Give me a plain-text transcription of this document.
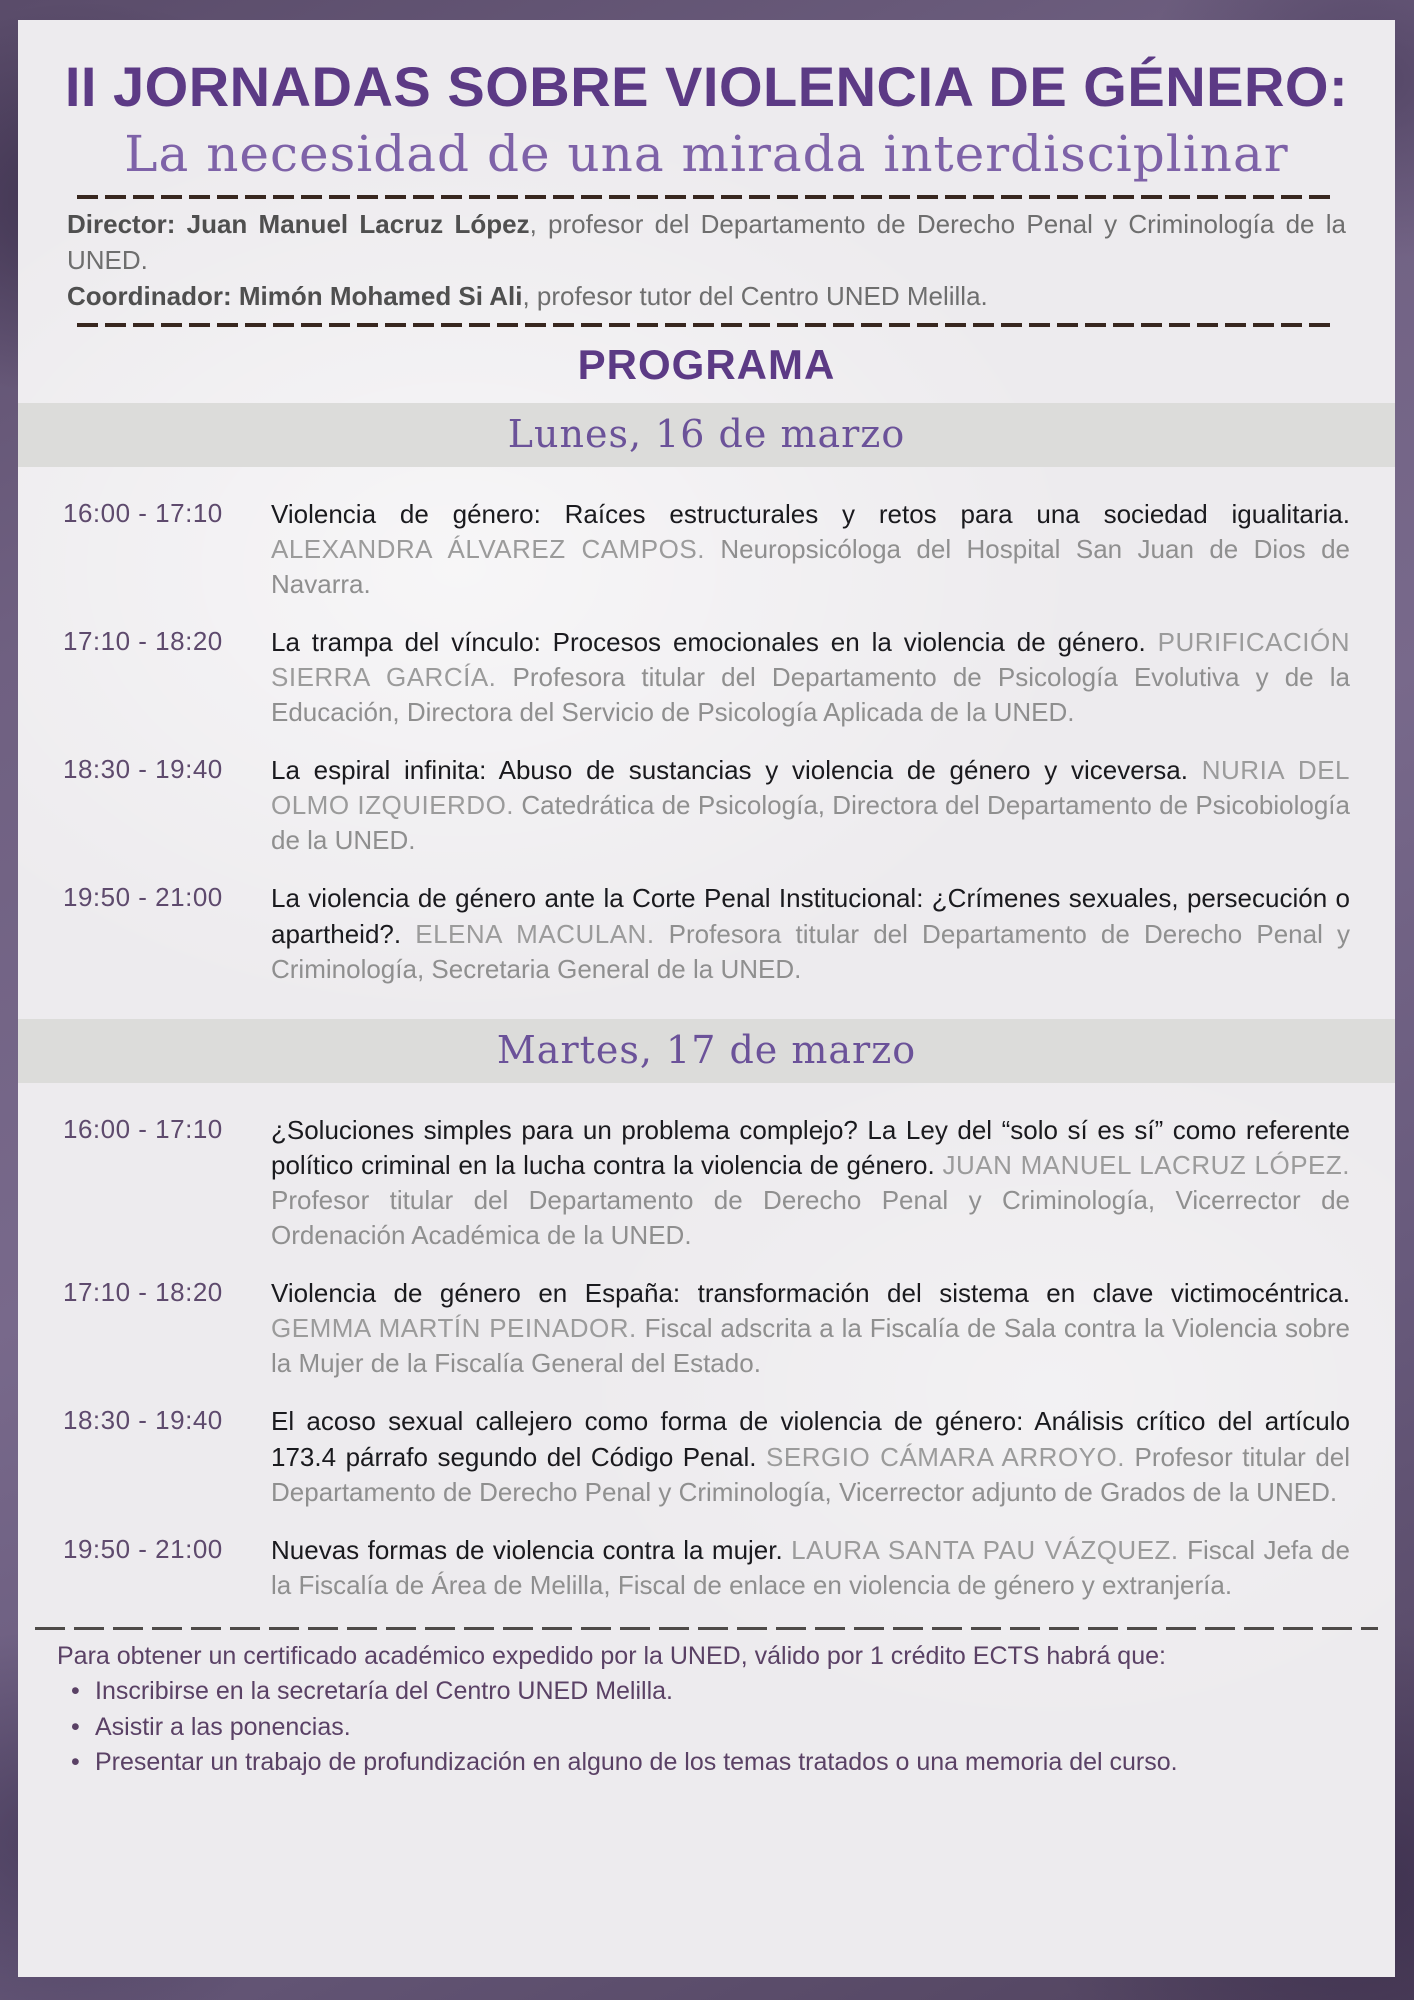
II JORNADAS SOBRE VIOLENCIA DE GÉNERO:
La necesidad de una mirada interdisciplinar

Director: Juan Manuel Lacruz López, profesor del Departamento de Derecho Penal y Criminología de la UNED.
Coordinador: Mimón Mohamed Si Ali, profesor tutor del Centro UNED Melilla.

PROGRAMA
Lunes, 16 de marzo
16:00 - 17:10	Violencia de género: Raíces estructurales y retos para una sociedad igualitaria. ALEXANDRA ÁLVAREZ CAMPOS. Neuropsicóloga del Hospital San Juan de Dios de Navarra.

17:10 - 18:20	La trampa del vínculo: Procesos emocionales en la violencia de género. PURIFICACIÓN SIERRA GARCÍA. Profesora titular del Departamento de Psicología Evolutiva y de la Educación, Directora del Servicio de Psicología Aplicada de la UNED.

18:30 - 19:40	La espiral infinita: Abuso de sustancias y violencia de género y viceversa. NURIA DEL OLMO IZQUIERDO. Catedrática de Psicología, Directora del Departamento de Psicobiología de la UNED.

19:50 - 21:00	La violencia de género ante la Corte Penal Institucional: ¿Crímenes sexuales, persecución o apartheid?. ELENA MACULAN. Profesora titular del Departamento de Derecho Penal y Criminología, Secretaria General de la UNED.

Martes, 17 de marzo
16:00 - 17:10	¿Soluciones simples para un problema complejo? La Ley del “solo sí es sí” como referente político criminal en la lucha contra la violencia de género. JUAN MANUEL LACRUZ LÓPEZ. Profesor titular del Departamento de Derecho Penal y Criminología, Vicerrector de Ordenación Académica de la UNED.

17:10 - 18:20	Violencia de género en España: transformación del sistema en clave victimocéntrica. GEMMA MARTÍN PEINADOR. Fiscal adscrita a la Fiscalía de Sala contra la Violencia sobre la Mujer de la Fiscalía General del Estado.

18:30 - 19:40	El acoso sexual callejero como forma de violencia de género: Análisis crítico del artículo 173.4 párrafo segundo del Código Penal. SERGIO CÁMARA ARROYO. Profesor titular del Departamento de Derecho Penal y Criminología, Vicerrector adjunto de Grados de la UNED.

19:50 - 21:00	Nuevas formas de violencia contra la mujer. LAURA SANTA PAU VÁZQUEZ. Fiscal Jefa de la Fiscalía de Área de Melilla, Fiscal de enlace en violencia de género y extranjería.

Para obtener un certificado académico expedido por la UNED, válido por 1 crédito ECTS habrá que:

• Inscribirse en la secretaría del Centro UNED Melilla.
• Asistir a las ponencias.
• Presentar un trabajo de profundización en alguno de los temas tratados o una memoria del curso.
